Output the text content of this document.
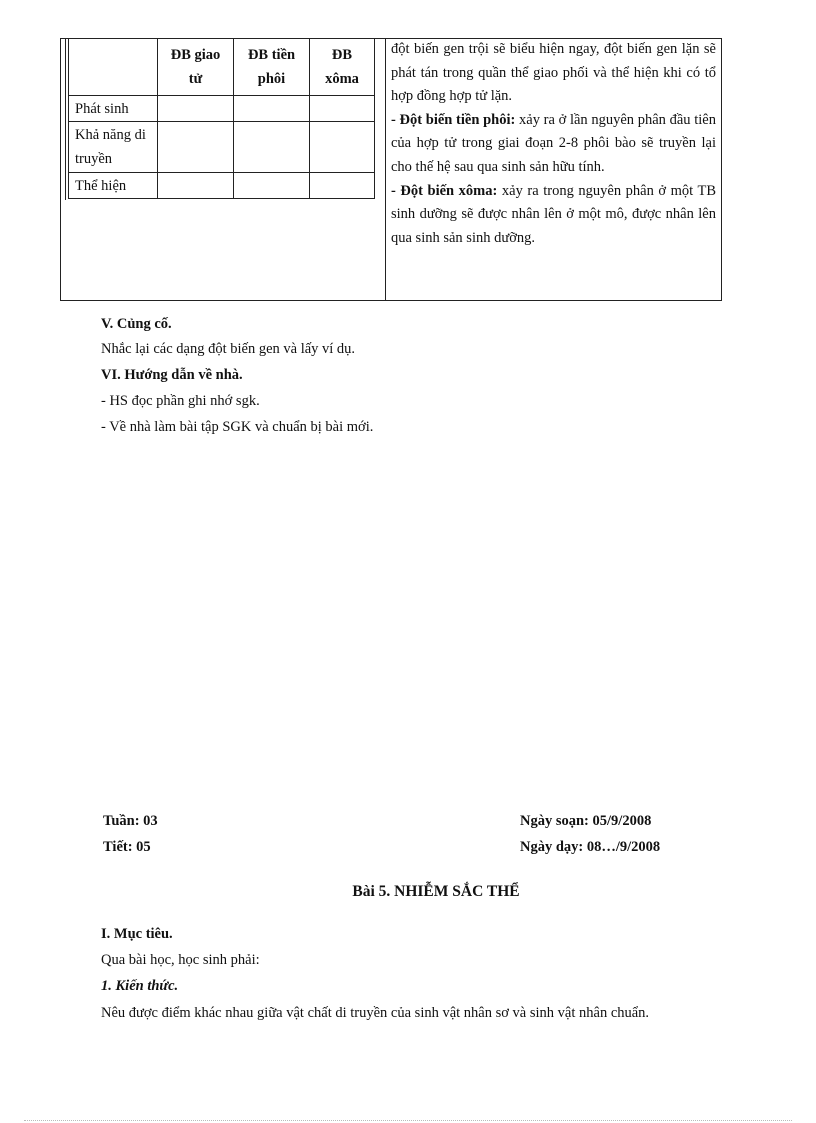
	ĐB giao tử	ĐB tiền phôi	ĐB xôma
Phát sinh			
Khả năng di truyền			
Thể hiện			

đột biến gen trội sẽ biểu hiện ngay, đột biến gen lặn sẽ phát tán trong quần thể giao phối và thể hiện khi có tổ hợp đồng hợp tử lặn.

- Đột biến tiền phôi: xảy ra ở lần nguyên phân đầu tiên của hợp tử trong giai đoạn 2-8 phôi bào sẽ truyền lại cho thế hệ sau qua sinh sản hữu tính.

- Đột biến xôma: xảy ra trong nguyên phân ở một TB sinh dưỡng sẽ được nhân lên ở một mô, được nhân lên qua sinh sản sinh dưỡng.

V. Củng cố.
Nhắc lại các dạng đột biến gen và lấy ví dụ.
VI. Hướng dẫn về nhà.
- HS đọc phần ghi nhớ sgk.
- Về nhà làm bài tập SGK và chuẩn bị bài mới.
Tuần: 03
Tiết: 05
Ngày soạn: 05/9/2008
Ngày dạy: 08…/9/2008
Bài 5. NHIỄM SẮC THỂ
I. Mục tiêu.
Qua bài học, học sinh phải:
1. Kiến thức.
Nêu được điểm khác nhau giữa vật chất di truyền của sinh vật nhân sơ và sinh vật nhân chuẩn.
